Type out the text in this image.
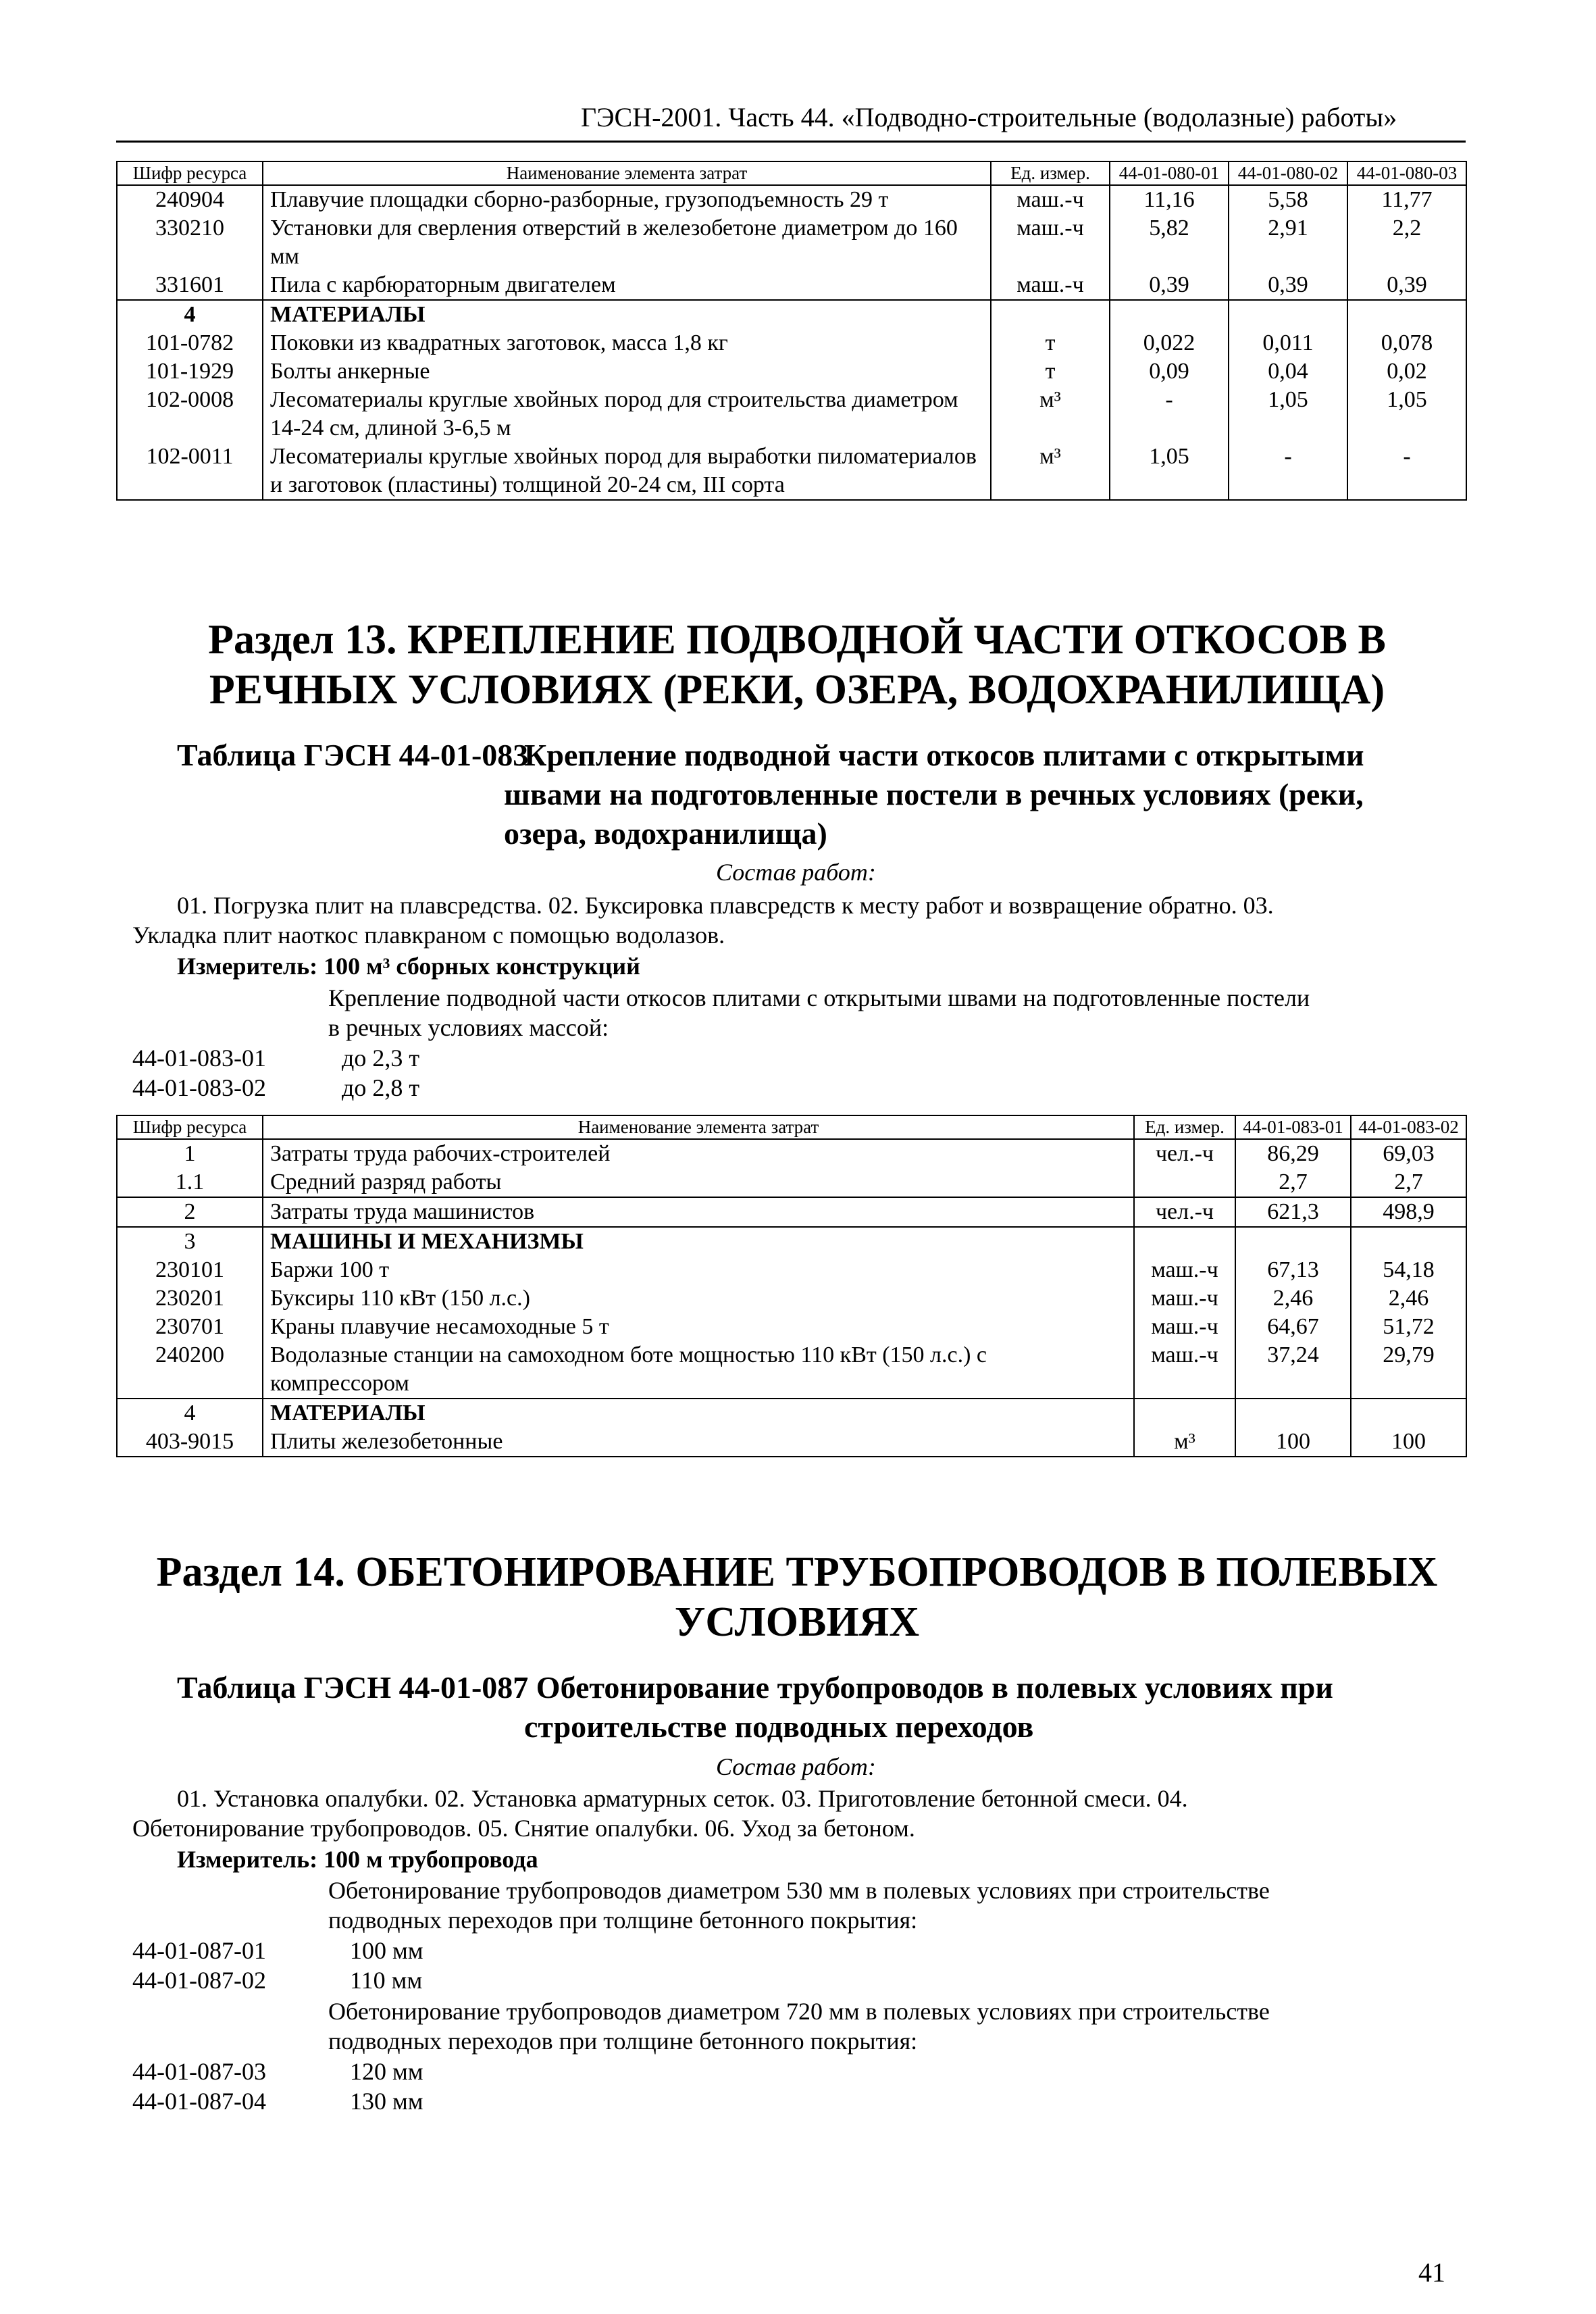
ГЭСН-2001. Часть 44. «Подводно-строительные (водолазные) работы»
Шифр ресурса	Наименование элемента затрат	Ед. измер.	44-01-080-01	44-01-080-02	44-01-080-03
240904	Плавучие площадки сборно-разборные, грузоподъемность 29 т	маш.-ч	11,16	5,58	11,77
330210	Установки для сверления отверстий в железобетоне диаметром до 160 мм	маш.-ч	5,82	2,91	2,2
331601	Пила с карбюраторным двигателем	маш.-ч	0,39	0,39	0,39
4	МАТЕРИАЛЫ				
101-0782	Поковки из квадратных заготовок, масса 1,8 кг	т	0,022	0,011	0,078
101-1929	Болты анкерные	т	0,09	0,04	0,02
102-0008	Лесоматериалы круглые хвойных пород для строительства диаметром 14-24 см, длиной 3-6,5 м	м³	-	1,05	1,05
102-0011	Лесоматериалы круглые хвойных пород для выработки пиломатериалов и заготовок (пластины) толщиной 20-24 см, III сорта	м³	1,05	-	-
Раздел 13. КРЕПЛЕНИЕ ПОДВОДНОЙ ЧАСТИ ОТКОСОВ В РЕЧНЫХ УСЛОВИЯХ (РЕКИ, ОЗЕРА, ВОДОХРАНИЛИЩА)
Таблица ГЭСН 44-01-083
Крепление подводной части откосов плитами с открытыми
швами на подготовленные постели в речных условиях (реки,
озера, водохранилища)
Состав работ:
01. Погрузка плит на плавсредства. 02. Буксировка плавсредств к месту работ и возвращение обратно. 03.
Укладка плит наоткос плавкраном с помощью водолазов.
Измеритель: 100 м³ сборных конструкций
Крепление подводной части откосов плитами с открытыми швами на подготовленные постели
в речных условиях массой:
44-01-083-01	до 2,3 т
44-01-083-02	до 2,8 т
Шифр ресурса	Наименование элемента затрат	Ед. измер.	44-01-083-01	44-01-083-02
1	Затраты труда рабочих-строителей	чел.-ч	86,29	69,03
1.1	Средний разряд работы		2,7	2,7
2	Затраты труда машинистов	чел.-ч	621,3	498,9
3	МАШИНЫ И МЕХАНИЗМЫ			
230101	Баржи 100 т	маш.-ч	67,13	54,18
230201	Буксиры 110 кВт (150 л.с.)	маш.-ч	2,46	2,46
230701	Краны плавучие несамоходные 5 т	маш.-ч	64,67	51,72
240200	Водолазные станции на самоходном боте мощностью 110 кВт (150 л.с.) с компрессором	маш.-ч	37,24	29,79
4	МАТЕРИАЛЫ			
403-9015	Плиты железобетонные	м³	100	100
Раздел 14. ОБЕТОНИРОВАНИЕ ТРУБОПРОВОДОВ В ПОЛЕВЫХ УСЛОВИЯХ
Таблица ГЭСН 44-01-087 Обетонирование трубопроводов в полевых условиях при
строительстве подводных переходов
Состав работ:
01. Установка опалубки. 02. Установка арматурных сеток. 03. Приготовление бетонной смеси. 04.
Обетонирование трубопроводов. 05. Снятие опалубки. 06. Уход за бетоном.
Измеритель: 100 м трубопровода
Обетонирование трубопроводов диаметром 530 мм в полевых условиях при строительстве
подводных переходов при толщине бетонного покрытия:
44-01-087-01	100 мм
44-01-087-02	110 мм
Обетонирование трубопроводов диаметром 720 мм в полевых условиях при строительстве
подводных переходов при толщине бетонного покрытия:
44-01-087-03	120 мм
44-01-087-04	130 мм
41
